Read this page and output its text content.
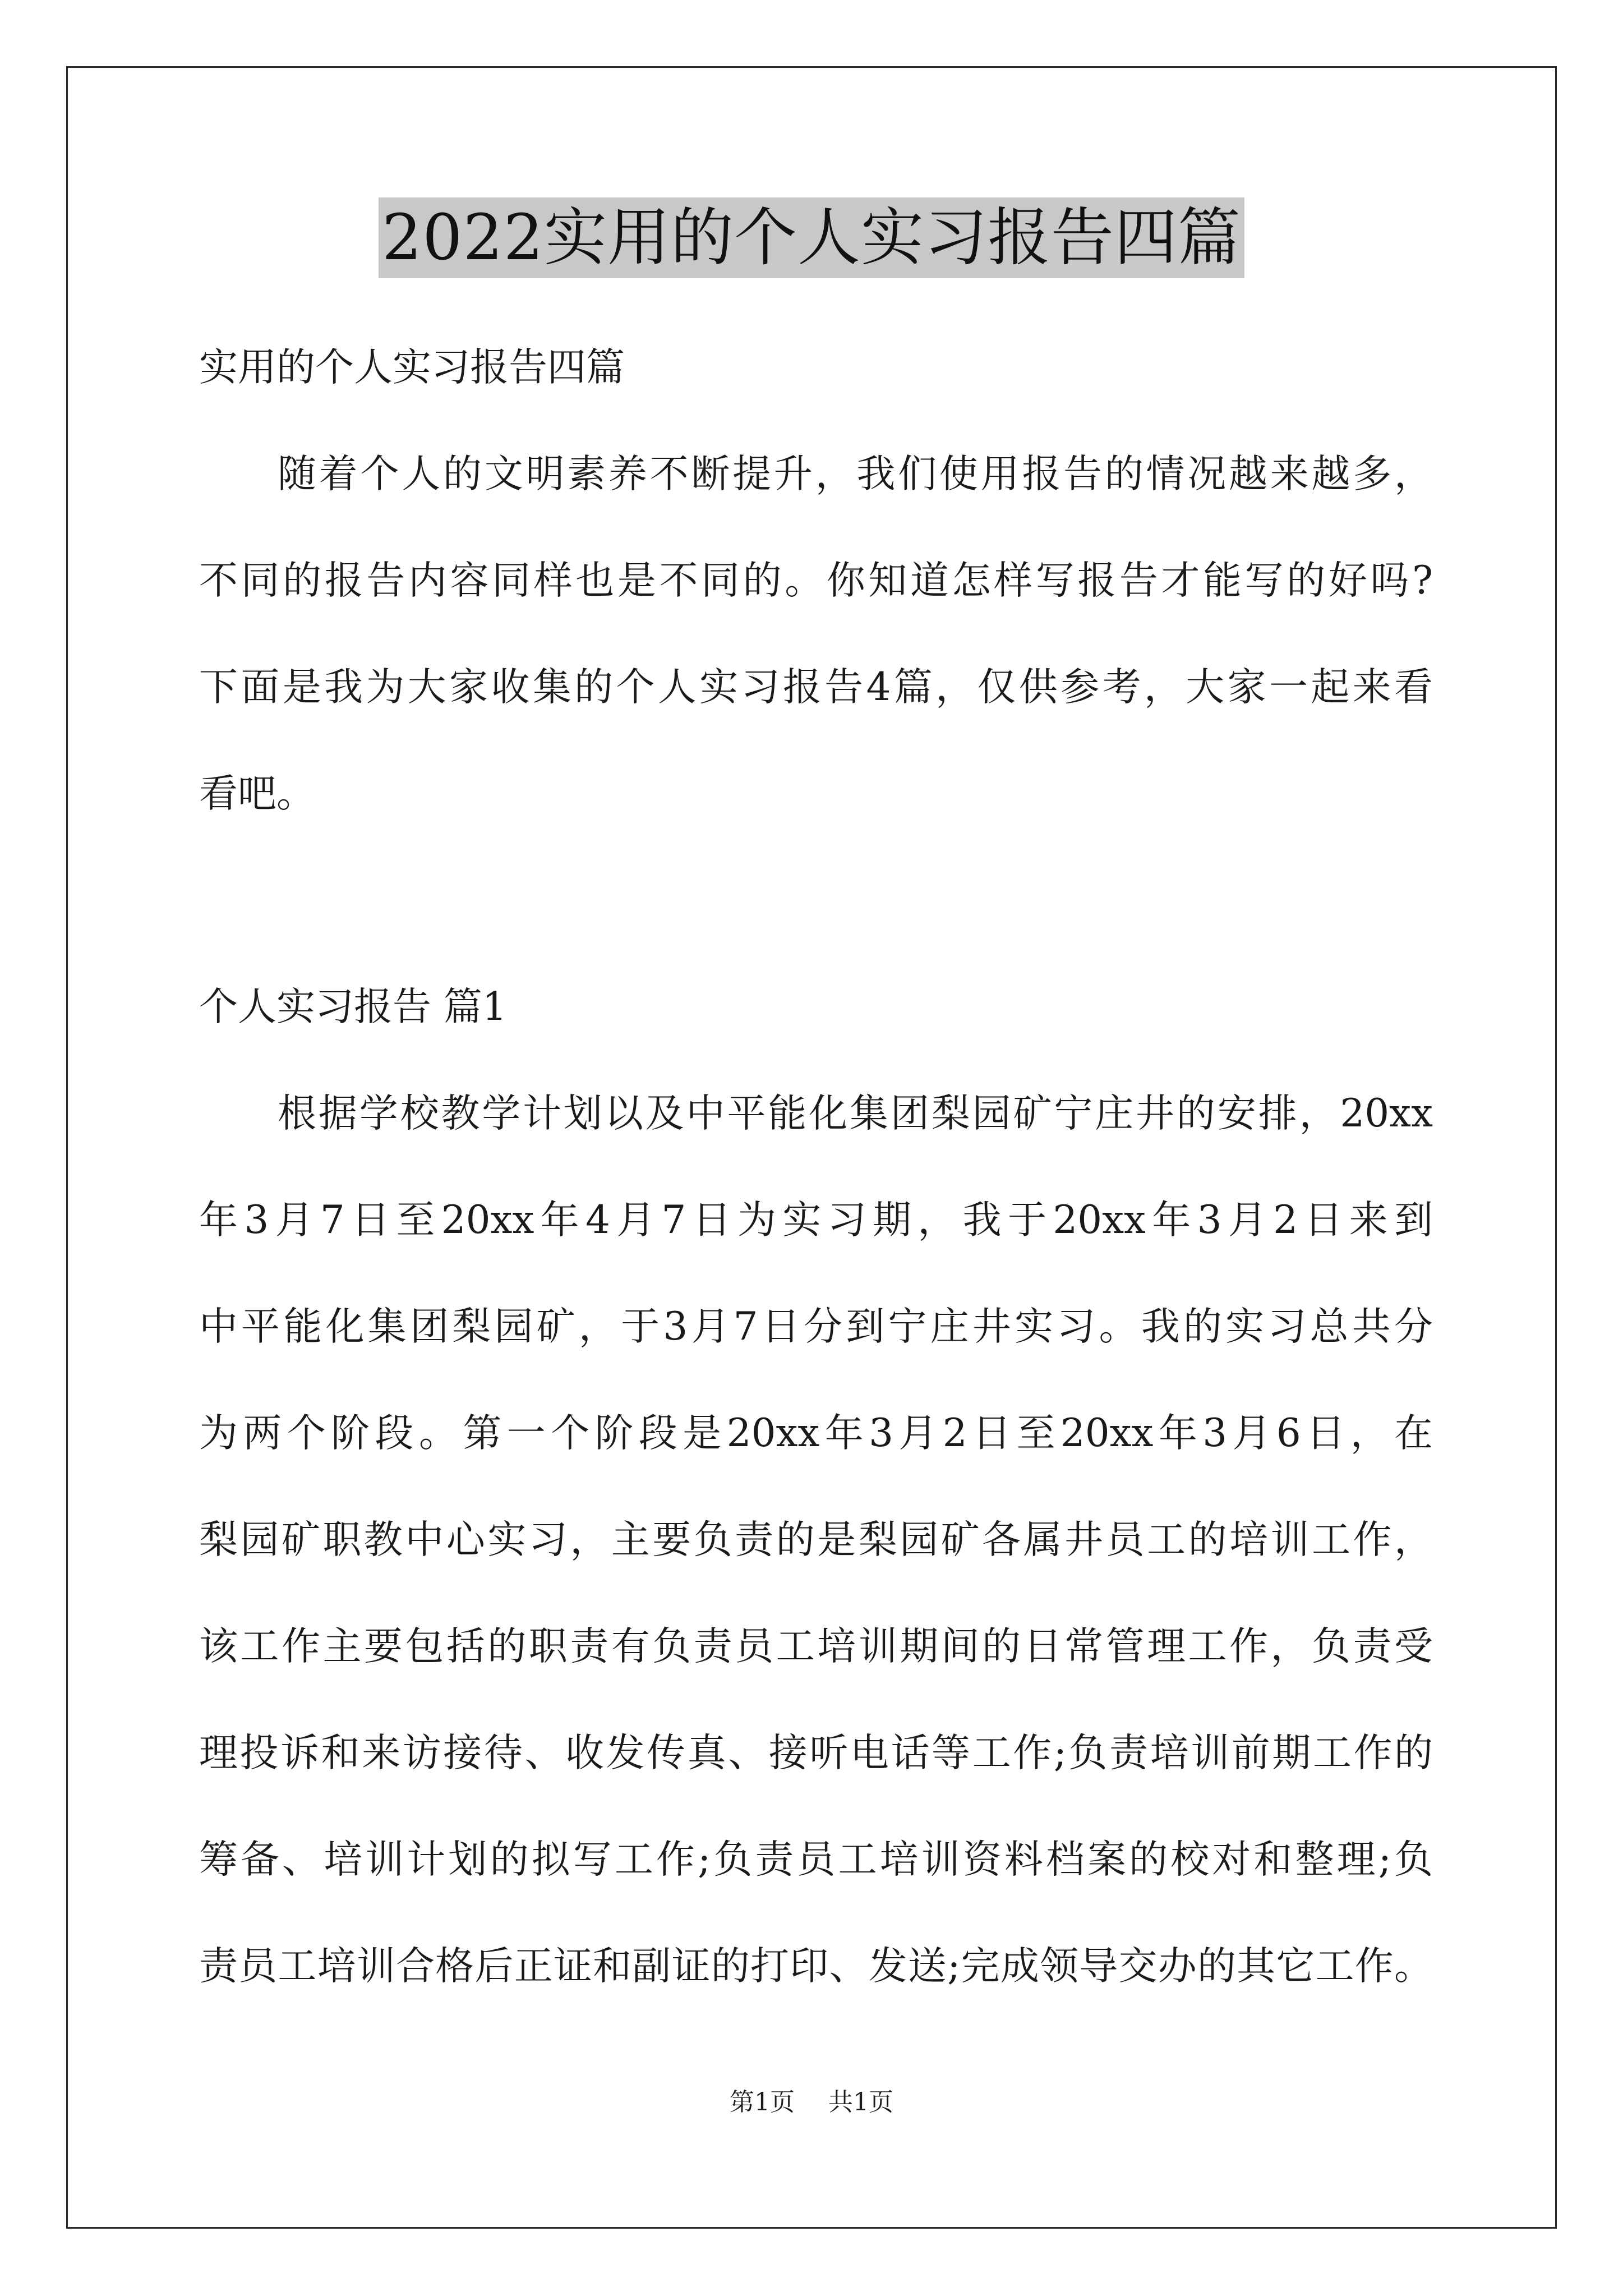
2022实用的个人实习报告四篇
实用的个人实习报告四篇
随着个人的文明素养不断提升，我们使用报告的情况越来越多，
不同的报告内容同样也是不同的。你知道怎样写报告才能写的好吗?
下面是我为大家收集的个人实习报告4篇，仅供参考，大家一起来看
看吧。
个人实习报告 篇1
根据学校教学计划以及中平能化集团梨园矿宁庄井的安排，20xx
年3月7日至20xx年4月7日为实习期，我于20xx年3月2日来到
中平能化集团梨园矿，于3月7日分到宁庄井实习。我的实习总共分
为两个阶段。第一个阶段是20xx年3月2日至20xx年3月6日，在
梨园矿职教中心实习，主要负责的是梨园矿各属井员工的培训工作，
该工作主要包括的职责有负责员工培训期间的日常管理工作，负责受
理投诉和来访接待、收发传真、接听电话等工作;负责培训前期工作的
筹备、培训计划的拟写工作;负责员工培训资料档案的校对和整理;负
责员工培训合格后正证和副证的打印、发送;完成领导交办的其它工作。
第1页 共1页
